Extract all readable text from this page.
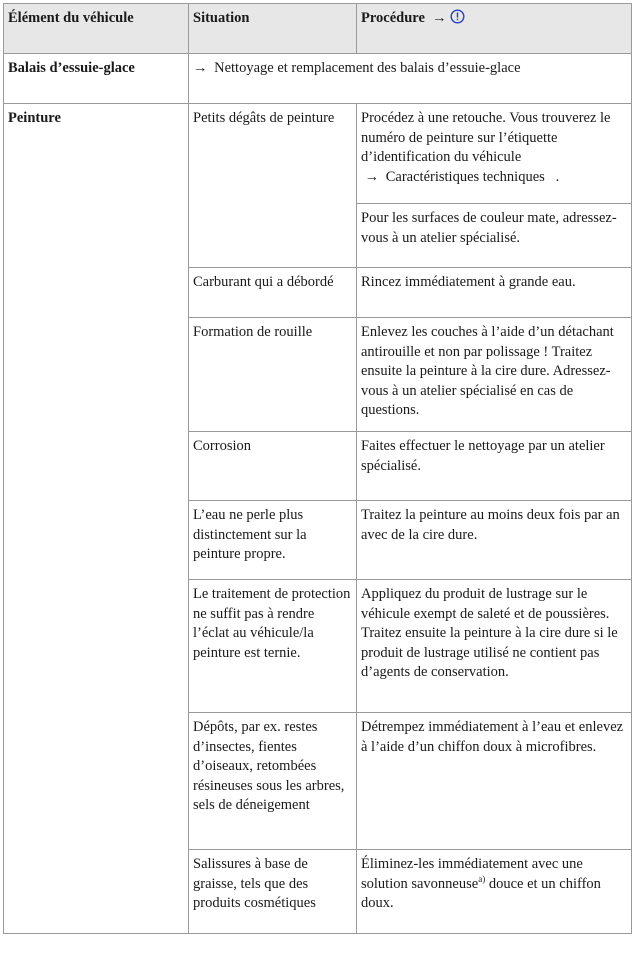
Élément du véhicule	Situation	Procédure →
Balais d’essuie-glace	→ Nettoyage et remplacement des balais d’essuie-glace	
Peinture	Petits dégâts de peinture	Procédez à une retouche. Vous trouverez le numéro de peinture sur l’étiquette d’identification du véhicule
→ Caractéristiques techniques .
		Pour les surfaces de couleur mate, adressez-vous à un atelier spécialisé.
	Carburant qui a débordé	Rincez immédiatement à grande eau.
	Formation de rouille	Enlevez les couches à l’aide d’un détachant antirouille et non par polissage ! Traitez ensuite la peinture à la cire dure. Adressez-vous à un atelier spécialisé en cas de questions.
	Corrosion	Faites effectuer le nettoyage par un atelier spécialisé.
	L’eau ne perle plus distinctement sur la peinture propre.	Traitez la peinture au moins deux fois par an avec de la cire dure.
	Le traitement de protection ne suffit pas à rendre l’éclat au véhicule/la peinture est ternie.	Appliquez du produit de lustrage sur le véhicule exempt de saleté et de poussières. Traitez ensuite la peinture à la cire dure si le produit de lustrage utilisé ne contient pas d’agents de conservation.
	Dépôts, par ex. restes d’insectes, fientes d’oiseaux, retombées résineuses sous les arbres, sels de déneigement	Détrempez immédiatement à l’eau et enlevez à l’aide d’un chiffon doux à microfibres.
	Salissures à base de graisse, tels que des produits cosmétiques	Éliminez-les immédiatement avec une solution savonneuse$^{a)}$ douce et un chiffon doux.
